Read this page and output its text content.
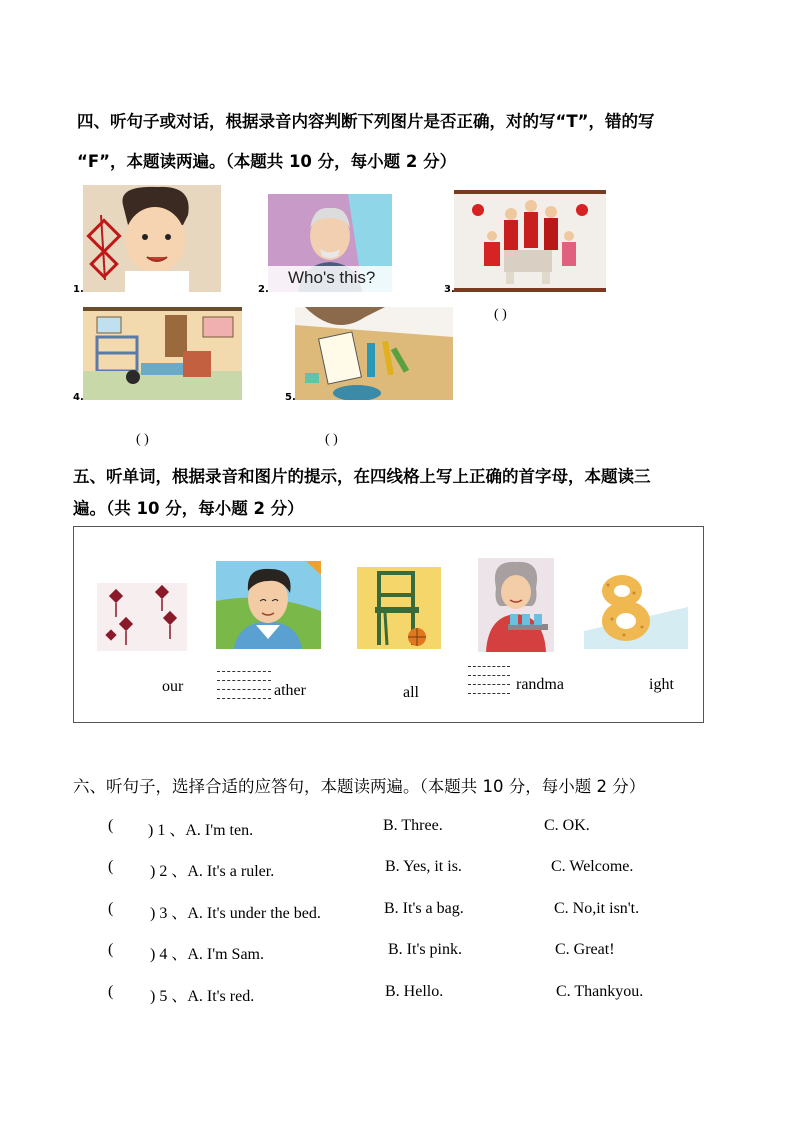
四、听句子或对话，根据录音内容判断下列图片是否正确，对的写“T”，错的写
“F”，本题读两遍。（本题共 10 分，每小题 2 分）
1.
Who's this?
2.	3.
4.	5.
( )
( )	( )
五、听单词，根据录音和图片的提示，在四线格上写上正确的首字母，本题读三
遍。（共 10 分，每小题 2 分）
our	ather	all	randma	ight
六、听句子，选择合适的应答句，本题读两遍。（本题共 10 分，每小题 2 分）
( ) 1 、A. I'm ten.	B. Three.	C. OK.
( ) 2 、A. It's a ruler.	B. Yes, it is.	C. Welcome.
( ) 3 、A. It's under the bed.	B. It's a bag.	C. No,it isn't.
( ) 4 、A. I'm Sam.	B. It's pink.	C. Great!
( ) 5 、A. It's red.	B. Hello.	C. Thankyou.
